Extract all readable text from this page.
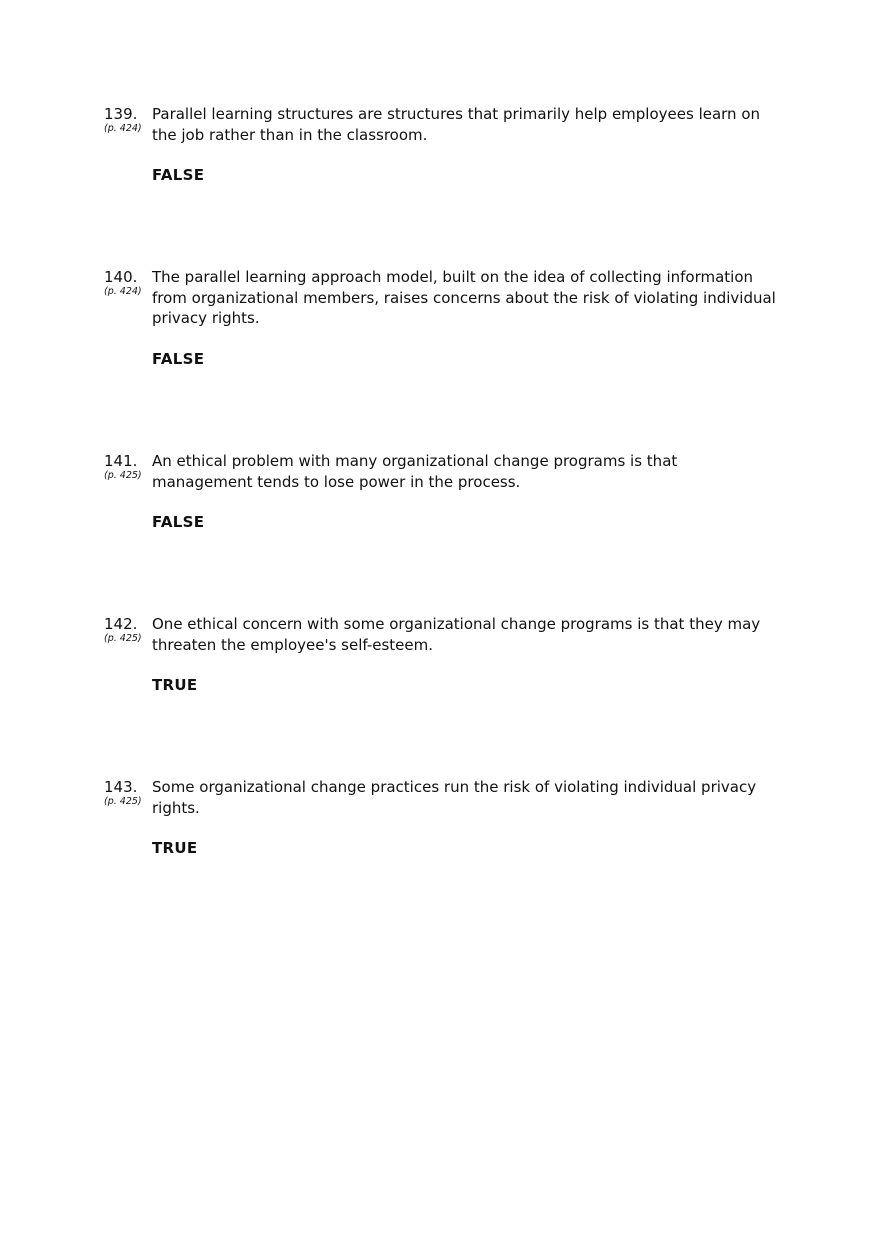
139.
(p. 424)
Parallel learning structures are structures that primarily help employees learn on the job rather than in the classroom.
FALSE
140.
(p. 424)
The parallel learning approach model, built on the idea of collecting information from organizational members, raises concerns about the risk of violating individual privacy rights.
FALSE
141.
(p. 425)
An ethical problem with many organizational change programs is that management tends to lose power in the process.
FALSE
142.
(p. 425)
One ethical concern with some organizational change programs is that they may threaten the employee's self-esteem.
TRUE
143.
(p. 425)
Some organizational change practices run the risk of violating individual privacy rights.
TRUE
